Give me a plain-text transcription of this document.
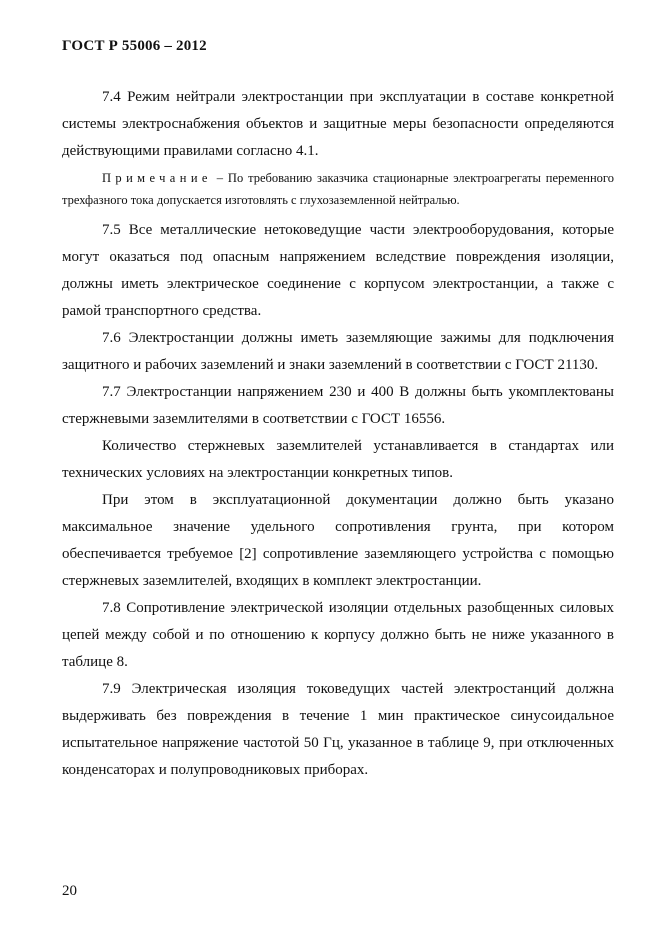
ГОСТ Р 55006 – 2012

7.4 Режим нейтрали электростанции при эксплуатации в составе конкретной системы электроснабжения объектов и защитные меры безопасности определяются действующими правилами согласно 4.1.

Примечание – По требованию заказчика стационарные электроагрегаты переменного трехфазного тока допускается изготовлять с глухозаземленной нейтралью.

7.5 Все металлические нетоковедущие части электрооборудования, которые могут оказаться под опасным напряжением вследствие повреждения изоляции, должны иметь электрическое соединение с корпусом электростанции, а также с рамой транспортного средства.

7.6 Электростанции должны иметь заземляющие зажимы для подключения защитного и рабочих заземлений и знаки заземлений в соответствии с ГОСТ 21130.

7.7 Электростанции напряжением 230 и 400 В должны быть укомплектованы стержневыми заземлителями в соответствии с ГОСТ 16556.

Количество стержневых заземлителей устанавливается в стандартах или технических условиях на электростанции конкретных типов.

При этом в эксплуатационной документации должно быть указано максимальное значение удельного сопротивления грунта, при котором обеспечивается требуемое [2] сопротивление заземляющего устройства с помощью стержневых заземлителей, входящих в комплект электростанции.

7.8 Сопротивление электрической изоляции отдельных разобщенных силовых цепей между собой и по отношению к корпусу должно быть не ниже указанного в таблице 8.

7.9 Электрическая изоляция токоведущих частей электростанций должна выдерживать без повреждения в течение 1 мин практическое синусоидальное испытательное напряжение частотой 50 Гц, указанное в таблице 9, при отключенных конденсаторах и полупроводниковых приборах.

20
